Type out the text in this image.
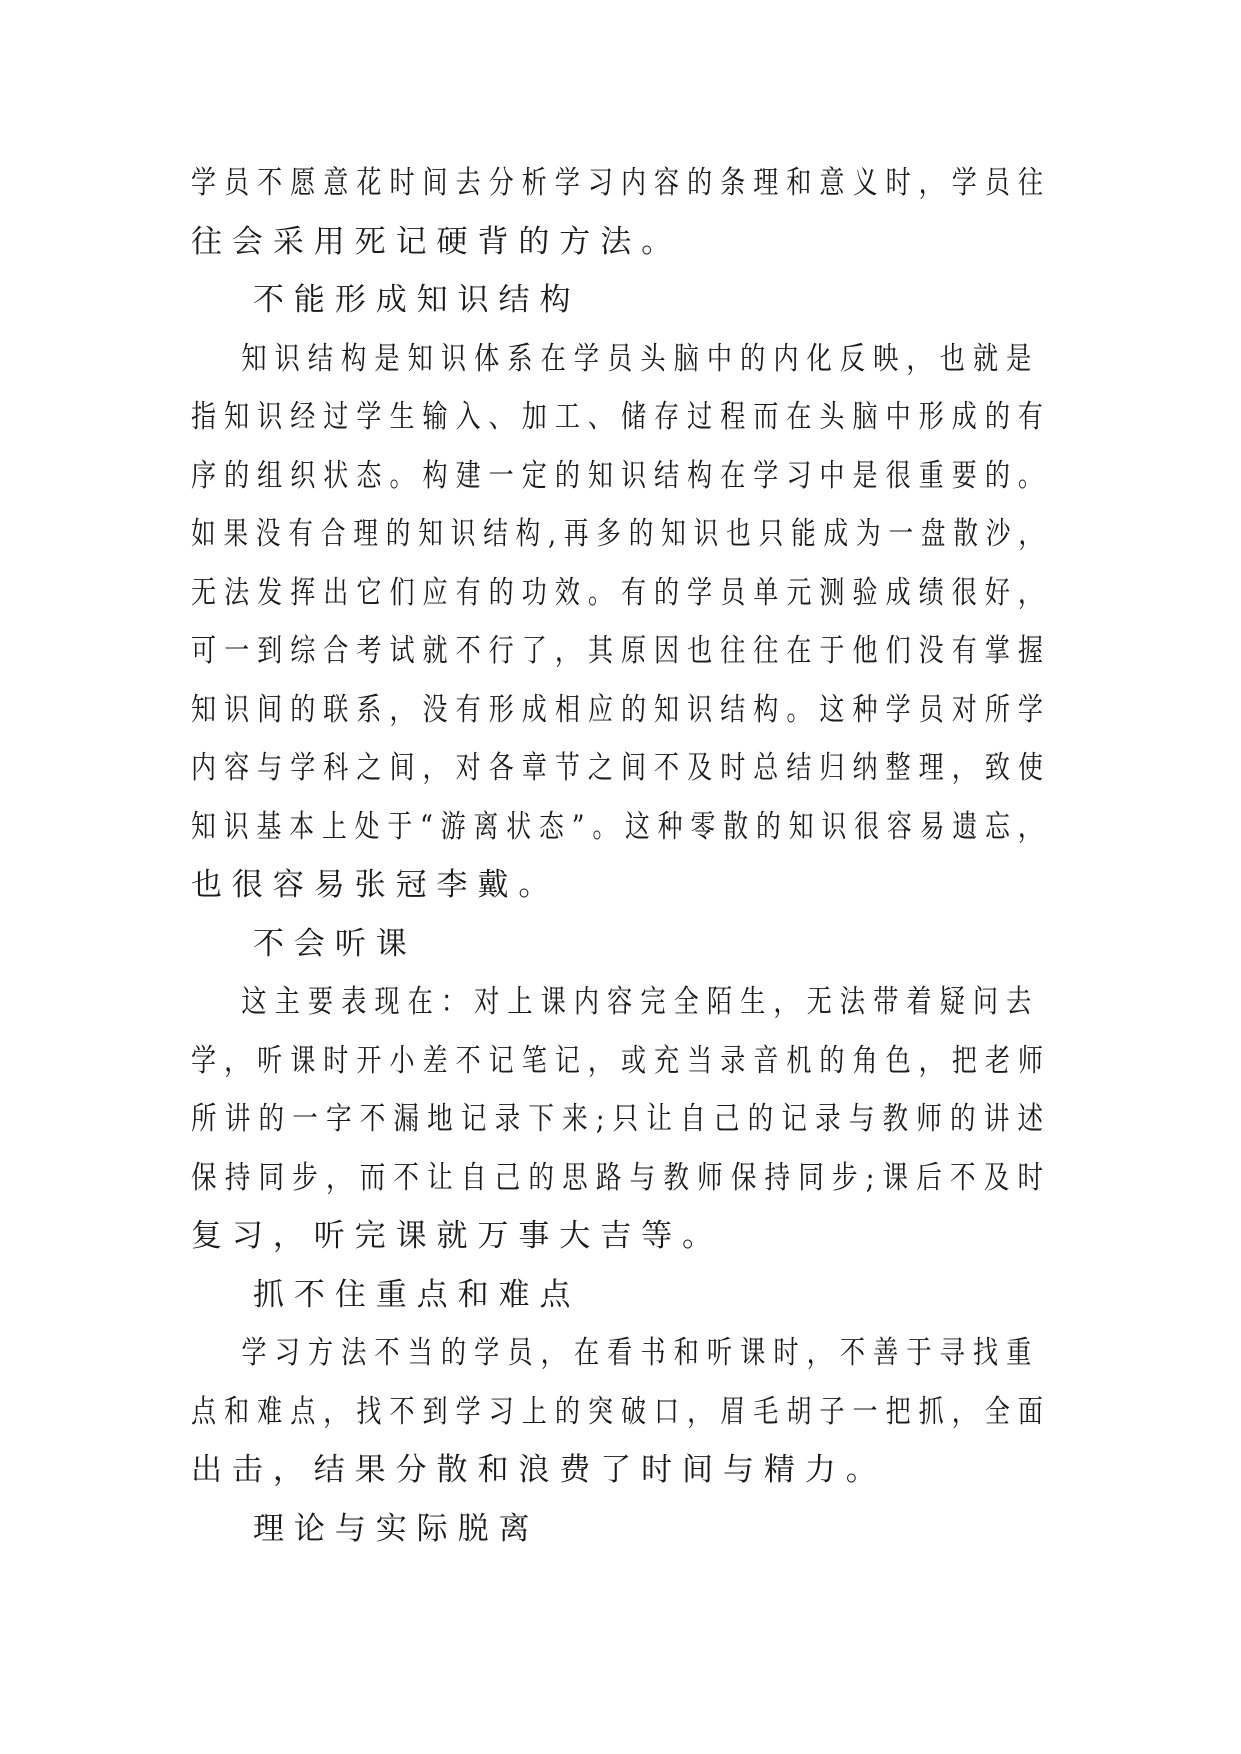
学员不愿意花时间去分析学习内容的条理和意义时，学员往
往会采用死记硬背的方法。
不能形成知识结构
知识结构是知识体系在学员头脑中的内化反映，也就是
指知识经过学生输入、加工、储存过程而在头脑中形成的有
序的组织状态。构建一定的知识结构在学习中是很重要的。
如果没有合理的知识结构,再多的知识也只能成为一盘散沙，
无法发挥出它们应有的功效。有的学员单元测验成绩很好，
可一到综合考试就不行了，其原因也往往在于他们没有掌握
知识间的联系，没有形成相应的知识结构。这种学员对所学
内容与学科之间，对各章节之间不及时总结归纳整理，致使
知识基本上处于“游离状态”。这种零散的知识很容易遗忘，
也很容易张冠李戴。
不会听课
这主要表现在：对上课内容完全陌生，无法带着疑问去
学，听课时开小差不记笔记，或充当录音机的角色，把老师
所讲的一字不漏地记录下来;只让自己的记录与教师的讲述
保持同步，而不让自己的思路与教师保持同步;课后不及时
复习，听完课就万事大吉等。
抓不住重点和难点
学习方法不当的学员，在看书和听课时，不善于寻找重
点和难点，找不到学习上的突破口，眉毛胡子一把抓，全面
出击，结果分散和浪费了时间与精力。
理论与实际脱离
